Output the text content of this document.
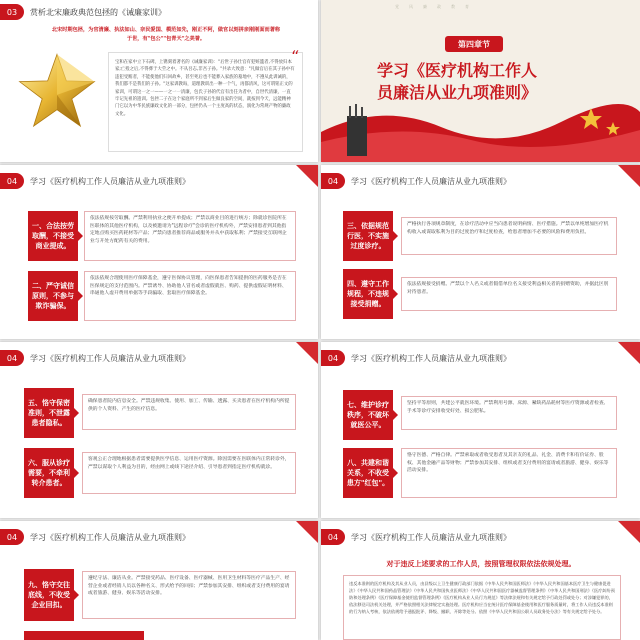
03	赏析北宋廉政典范包拯的《诫廉家训》
北宋时期包拯，为官清廉、执法如山、奈民爱国、模范如先，刚正不阿，做官以刻拼亲刚刚面而著称于世，有"包公""包青天"之美誉。
“
宝和在家中立下石碑，上镌刻着著名的《诫廉家训》："后世子孙仕官有犯赃滥者,不得放归本家;亡殁之后,不得葬于大茔之中。不从吾志,非吾子孙。"共录大致意："凡做官后在其子孙中有违犯受贿者，不能使他们归回故乡，甚至死后也不能葬入家族的墓地中，不遵从此训诫的，我们都不是我们的子孙。"这家训教诲，道理教训出一种一个气，再都清风，这可谓铭正文的家训，可谓这一之一——一之一一清廉，包氏子孙的代官有出任为者中，自世代清廉，一直牢记先祖的遗训。包拯二子在这个家庭所不到家后生做良家的空间，就按到今天，远能精神门它以为中华民族廉政文化的一部分，包拯仍从一个主度高的状态，演化为常规产物的廉政文化。
党	风	廉	政	教	育
第四章节
学习《医疗机构工作人
员廉洁从业九项准则》
04	学习《医疗机构工作人员廉洁从业九项准则》
一、合法按劳取酬，不接受商业提成。
依法依规按劳取酬。严禁利用执业之便开单提成；严禁以商业目的进行统方；除就诊医院所在医联体的其他医疗机构，以及被邀请为"远程诊疗"会诊的医疗机构外，严禁安排患者到其他指定地点购买医药耗材等产品；严禁向患者推荐商品或服务并从中获取私利；严禁接受互联网企业与开处方配药有关的费用。
二、严守诚信原则，不参与欺诈骗保。
依法依规合理使用医疗保障基金，遵守医保协议管理，向医保患者告知提供的医药服务是否在医保规定的支付范围内。严禁诱导、协助他人冒名或者虚假就医、购药、提供虚假证明材料、串通他人虚开费用单据等手段骗取、套取医疗保障基金。
04	学习《医疗机构工作人员廉洁从业九项准则》
三、依据规范行医，不实施过度诊疗。
严格执行各项规章制度，在诊疗活动中应当向患者说明病情、医疗措施。严禁以单纯增加医疗机构收入或谋取私利为目的过度治疗和过度检查，给患者增加不必要的风险和费用负担。
四、遵守工作规程，不违规接受捐赠。
依法依规接受捐赠。严禁以个人名义或者假借单位名义接受利益相关者的捐赠资助，并据此区别对待患者。
04	学习《医疗机构工作人员廉洁从业九项准则》
五、恪守保密准则，不泄露患者隐私。
确保患者院内信息安全。严禁违规收集、使用、加工、传输、透露、买卖患者在医疗机构内所提供的个人资料、产生的医疗信息。
六、服从诊疗需要，不牵利转介患者。
客观公正合理地根据患者需要提供医学信息、运用医疗资源。除因需要在医联体内正常转诊外，严禁以谋取个人利益为目的，经由网上或线下途径介绍、引导患者到指定医疗机构就诊。
04	学习《医疗机构工作人员廉洁从业九项准则》
七、维护诊疗秩序，不破坏就医公平。
坚持平等原则，共建公平就医环境。严禁利用号源、床源、紧缺药品耗材等医疗资源或者检查、手术等诊疗安排收受好处、损公肥私。
八、共建和谐关系，不收受患方"红包"。
恪守医德、严格自律。严禁索取或者收受患者及其亲友的礼品、礼金、消费卡和有价证券、股权、其他金融产品等财物；严禁参加其安排、组织或者支付费用的宴请或者旅游、健身、娱乐等活动安排。
04	学习《医疗机构工作人员廉洁从业九项准则》
九、恪守交往底线，不收受企业回扣。
遵纪守法、廉洁从业。严禁接受药品、医疗设备、医疗器械、医用卫生材料等医疗产品生产、经营企业或者经销人员以各种名义、形式给予的回扣；严禁参加其安排、组织或者支付费用的宴请或者旅游、健身、娱乐等活动安排。
04	学习《医疗机构工作人员廉洁从业九项准则》
对于违反上述要求的工作人员，按照管理权限依法依规处理。
违反本准则的医疗机构及其从业人员，由县级以上卫生健康行政部门依据《中华人民共和国医师法》《中华人民共和国基本医疗卫生与健康促进法》《中华人民共和国药品管理法》《中华人民共和国执业医师法》《中华人民共和国医疗器械监督管理条例》《中华人民共和国刑法》《医疗纠纷预防和处理条例》《医疗保障基金使用监督管理条例》《医疗机构从业人员行为规范》等法律法规和有关规定给予行政处罚或处分；对涉嫌犯罪的，依法移送司法机关处理，并严格依照相关法律规定实施处理。医疗机构应当在统计医疗保障基金使用和医疗服务质量时，将工作人员违反本准则的行为纳入考核，依法依规给予通报批评、降级、撤职、开除等处分。依照《中华人民共和国公职人员政务处分法》等有关规定给予处分。
